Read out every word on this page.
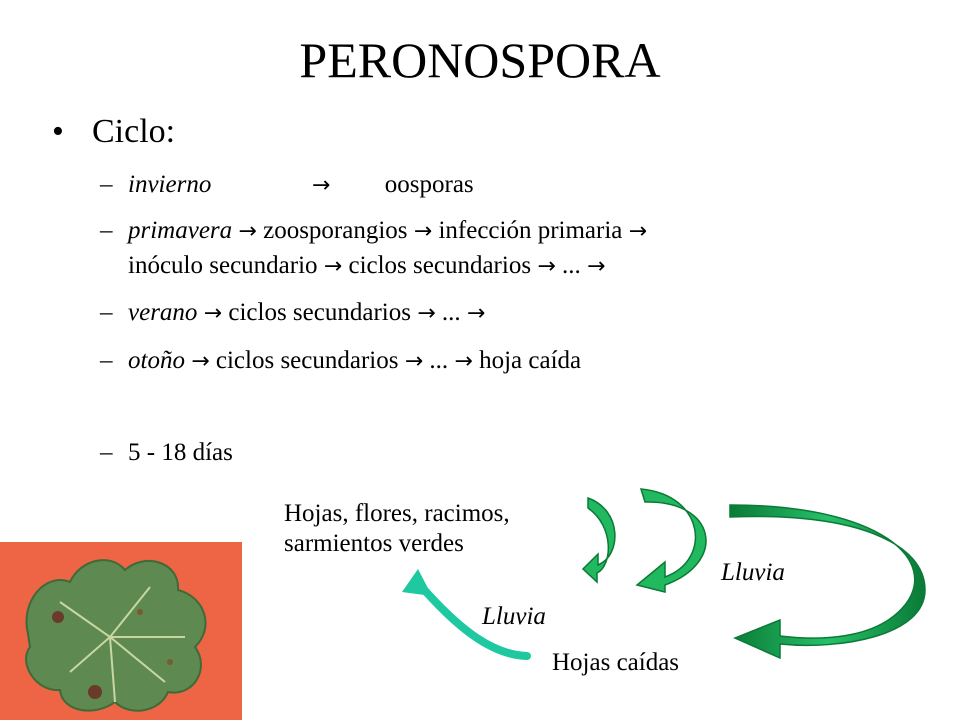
PERONOSPORA
• Ciclo:
– invierno	→ oosporas
– primavera → zoosporangios → infección primaria →
inóculo secundario → ciclos secundarios → ... →
– verano → ciclos secundarios → ... →
– otoño → ciclos secundarios → ... → hoja caída
– 5 - 18 días
Hojas, flores, racimos,
sarmientos verdes
Lluvia
Lluvia
Hojas caídas
